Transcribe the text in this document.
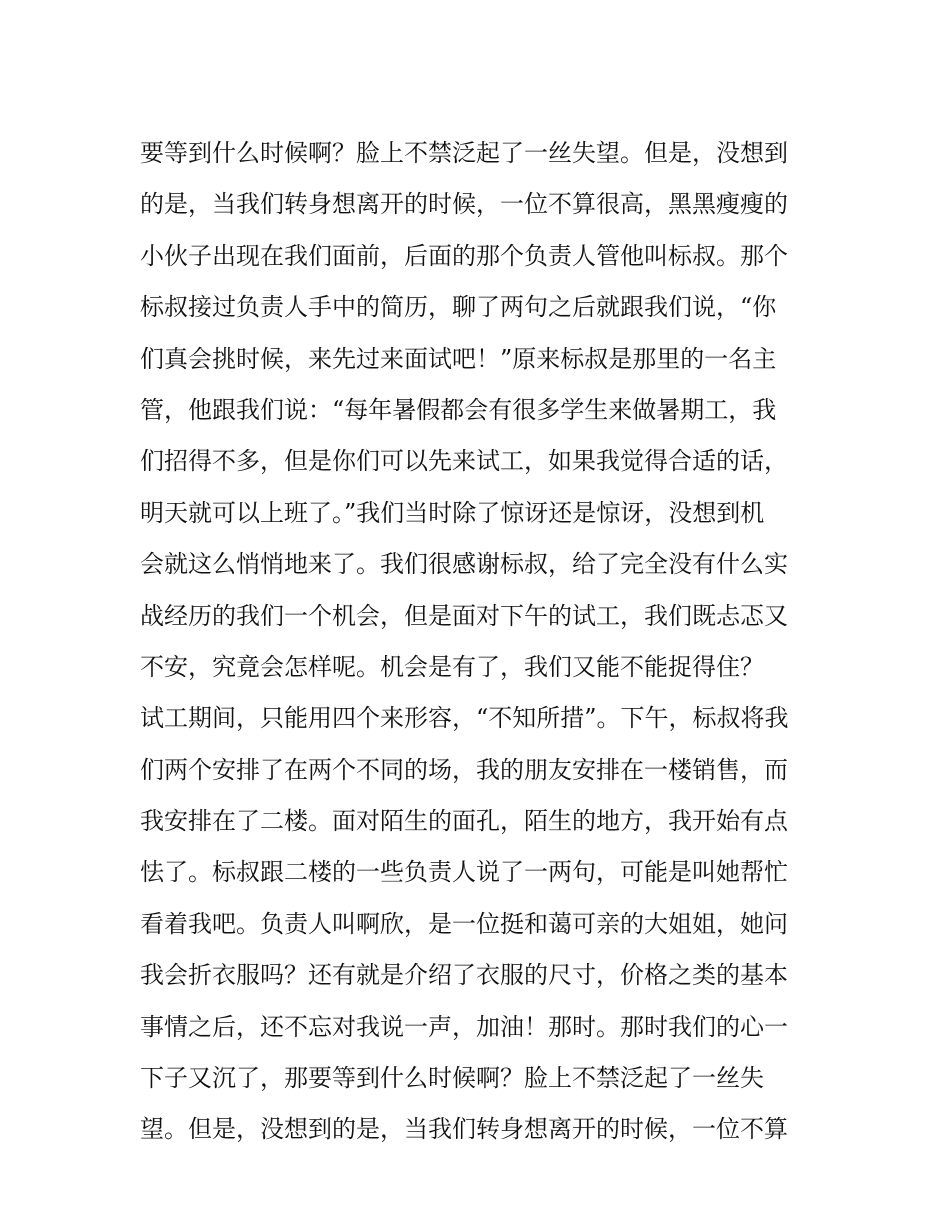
要等到什么时候啊？脸上不禁泛起了一丝失望。但是，没想到
的是，当我们转身想离开的时候，一位不算很高，黑黑瘦瘦的
小伙子出现在我们面前，后面的那个负责人管他叫标叔。那个
标叔接过负责人手中的简历，聊了两句之后就跟我们说，“你
们真会挑时候，来先过来面试吧！”原来标叔是那里的一名主
管，他跟我们说：“每年暑假都会有很多学生来做暑期工，我
们招得不多，但是你们可以先来试工，如果我觉得合适的话，
明天就可以上班了。”我们当时除了惊讶还是惊讶，没想到机
会就这么悄悄地来了。我们很感谢标叔，给了完全没有什么实
战经历的我们一个机会，但是面对下午的试工，我们既忐忑又
不安，究竟会怎样呢。机会是有了，我们又能不能捉得住？
试工期间，只能用四个来形容，“不知所措”。下午，标叔将我
们两个安排了在两个不同的场，我的朋友安排在一楼销售，而
我安排在了二楼。面对陌生的面孔，陌生的地方，我开始有点
怯了。标叔跟二楼的一些负责人说了一两句，可能是叫她帮忙
看着我吧。负责人叫啊欣，是一位挺和蔼可亲的大姐姐，她问
我会折衣服吗？还有就是介绍了衣服的尺寸，价格之类的基本
事情之后，还不忘对我说一声，加油！那时。那时我们的心一
下子又沉了，那要等到什么时候啊？脸上不禁泛起了一丝失
望。但是，没想到的是，当我们转身想离开的时候，一位不算
